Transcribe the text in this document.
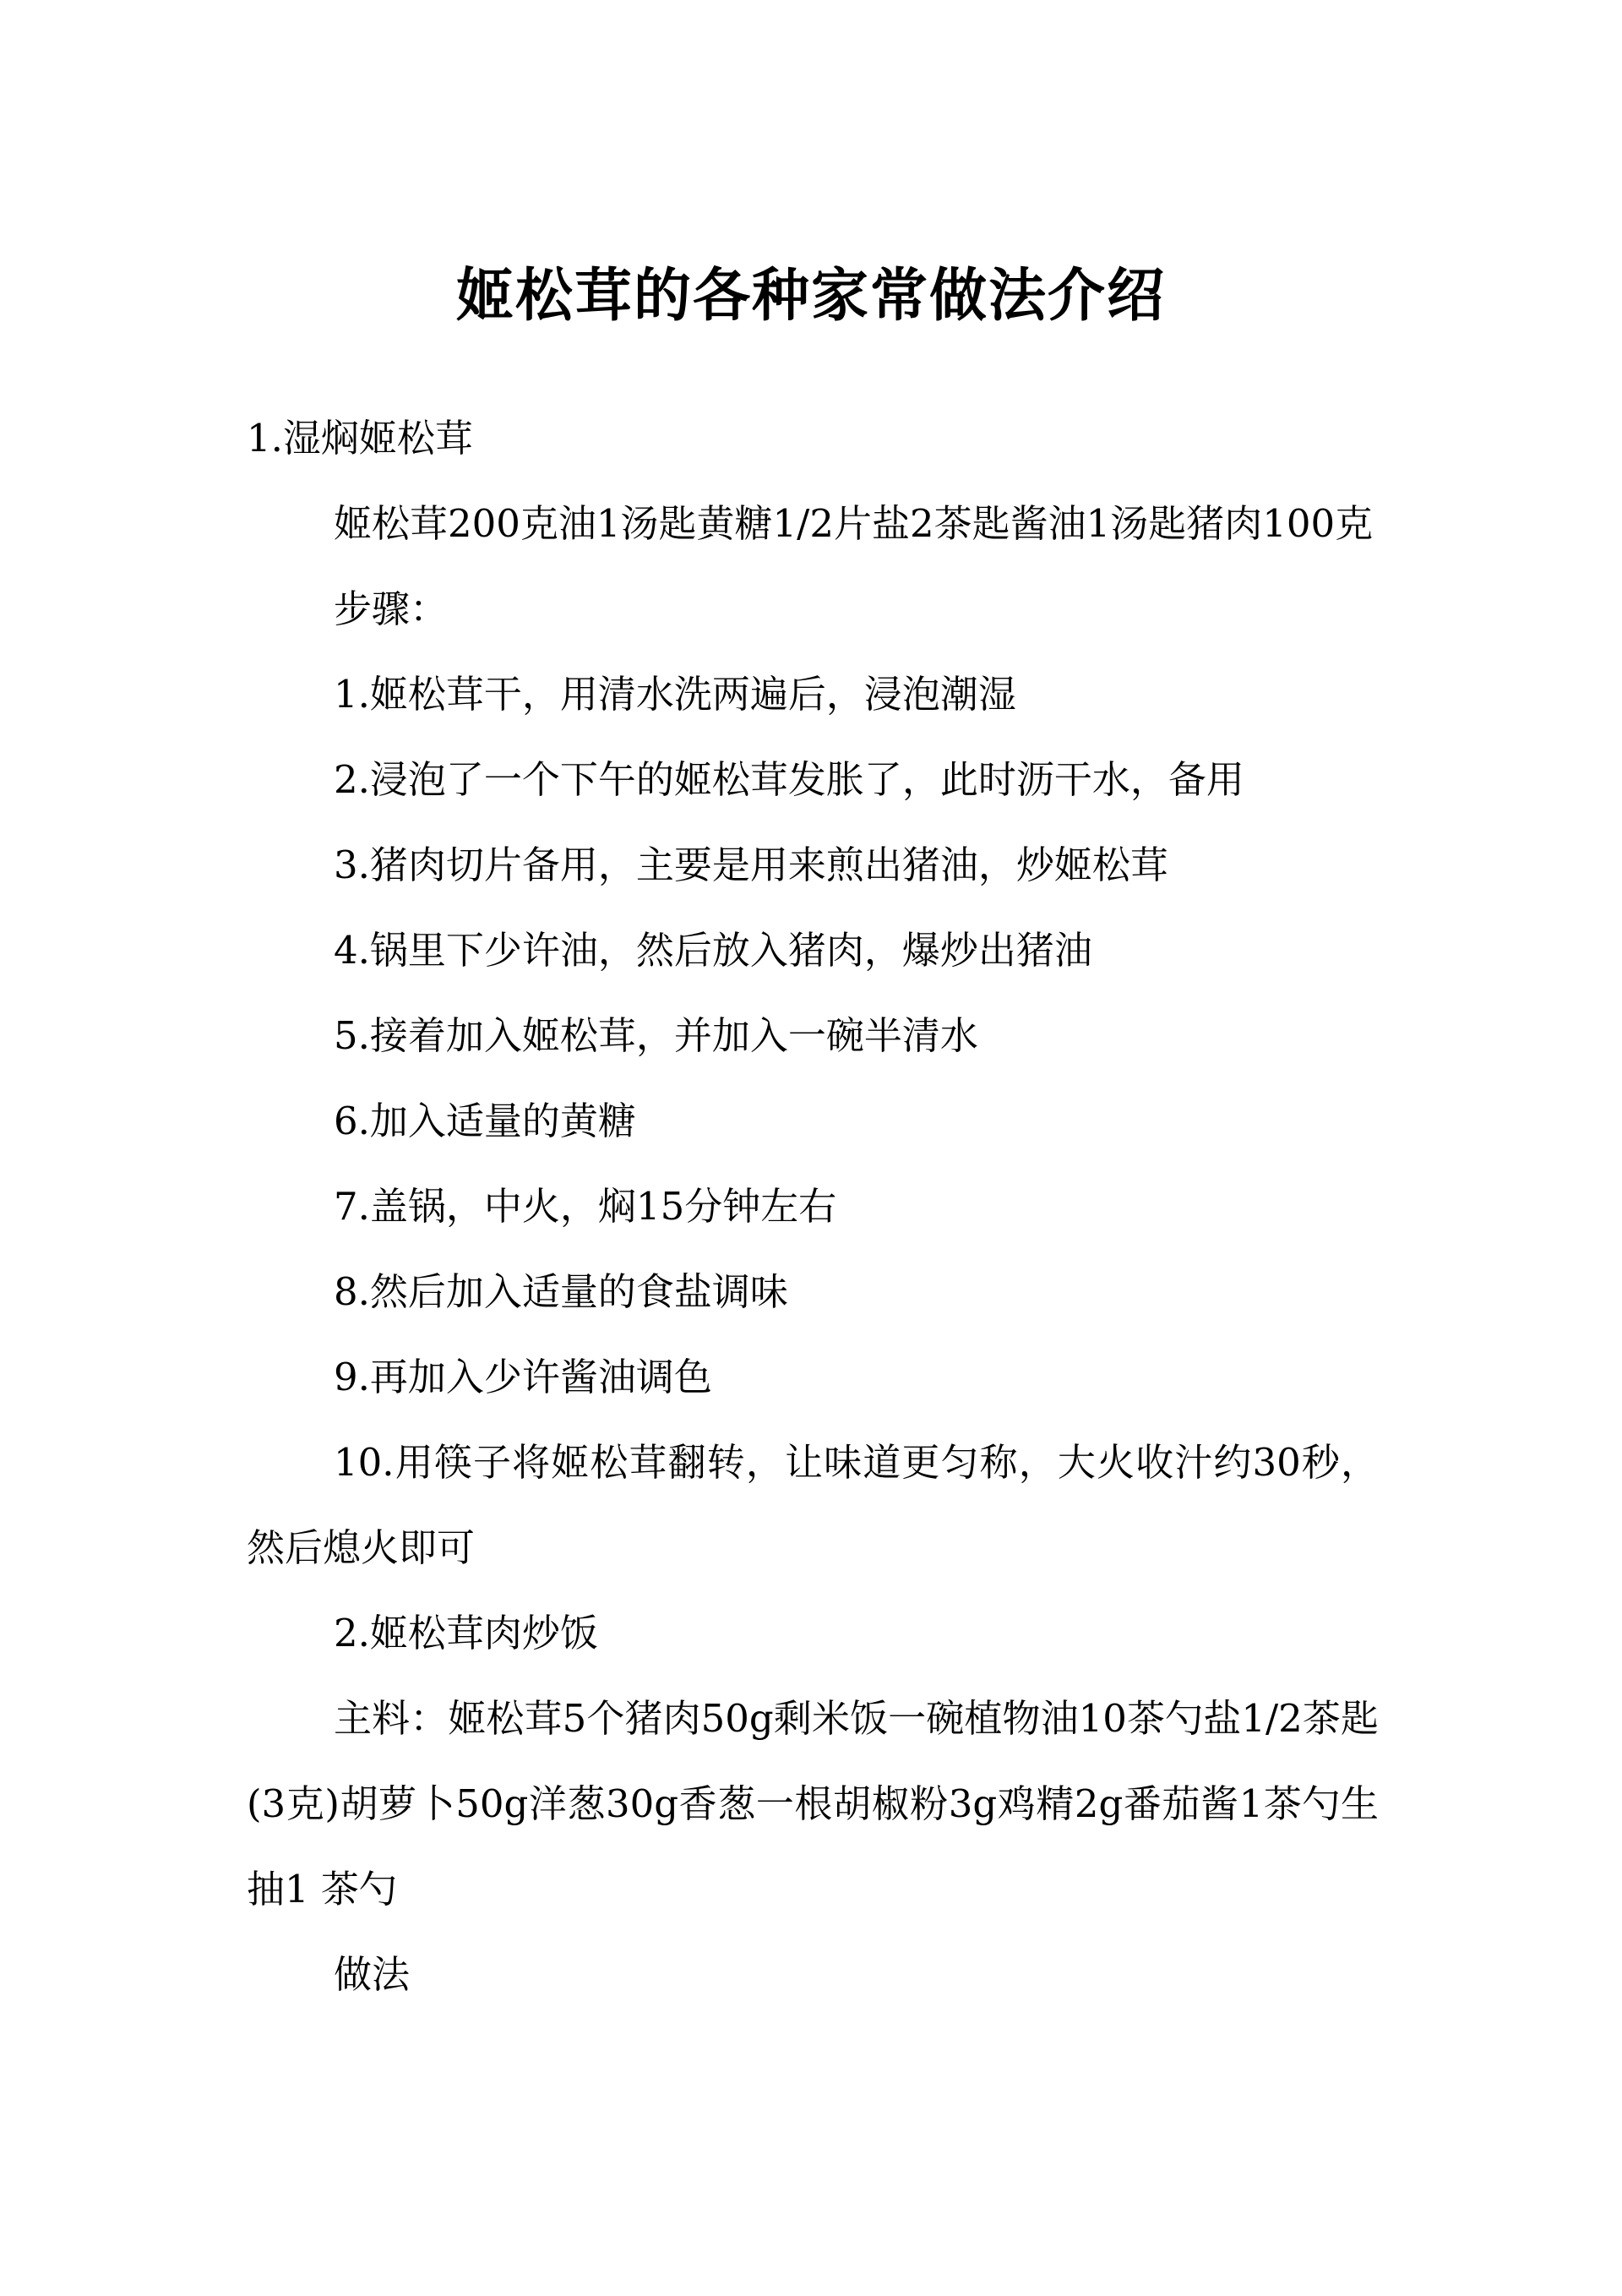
姬松茸的各种家常做法介绍

1.湿焖姬松茸

姬松茸200克油1汤匙黄糖1/2片盐2茶匙酱油1汤匙猪肉100克

步骤：

1.姬松茸干，用清水洗两遍后，浸泡潮湿

2.浸泡了一个下午的姬松茸发胀了，此时沥干水，备用

3.猪肉切片备用，主要是用来煎出猪油，炒姬松茸

4.锅里下少许油，然后放入猪肉，爆炒出猪油

5.接着加入姬松茸，并加入一碗半清水

6.加入适量的黄糖

7.盖锅，中火，焖15分钟左右

8.然后加入适量的食盐调味

9.再加入少许酱油调色

10.用筷子将姬松茸翻转，让味道更匀称，大火收汁约30秒，然后熄火即可

2.姬松茸肉炒饭

主料：姬松茸5个猪肉50g剩米饭一碗植物油10茶勺盐1/2茶匙(3克)胡萝卜50g洋葱30g香葱一根胡椒粉3g鸡精2g番茄酱1茶勺生抽1 茶勺

做法
